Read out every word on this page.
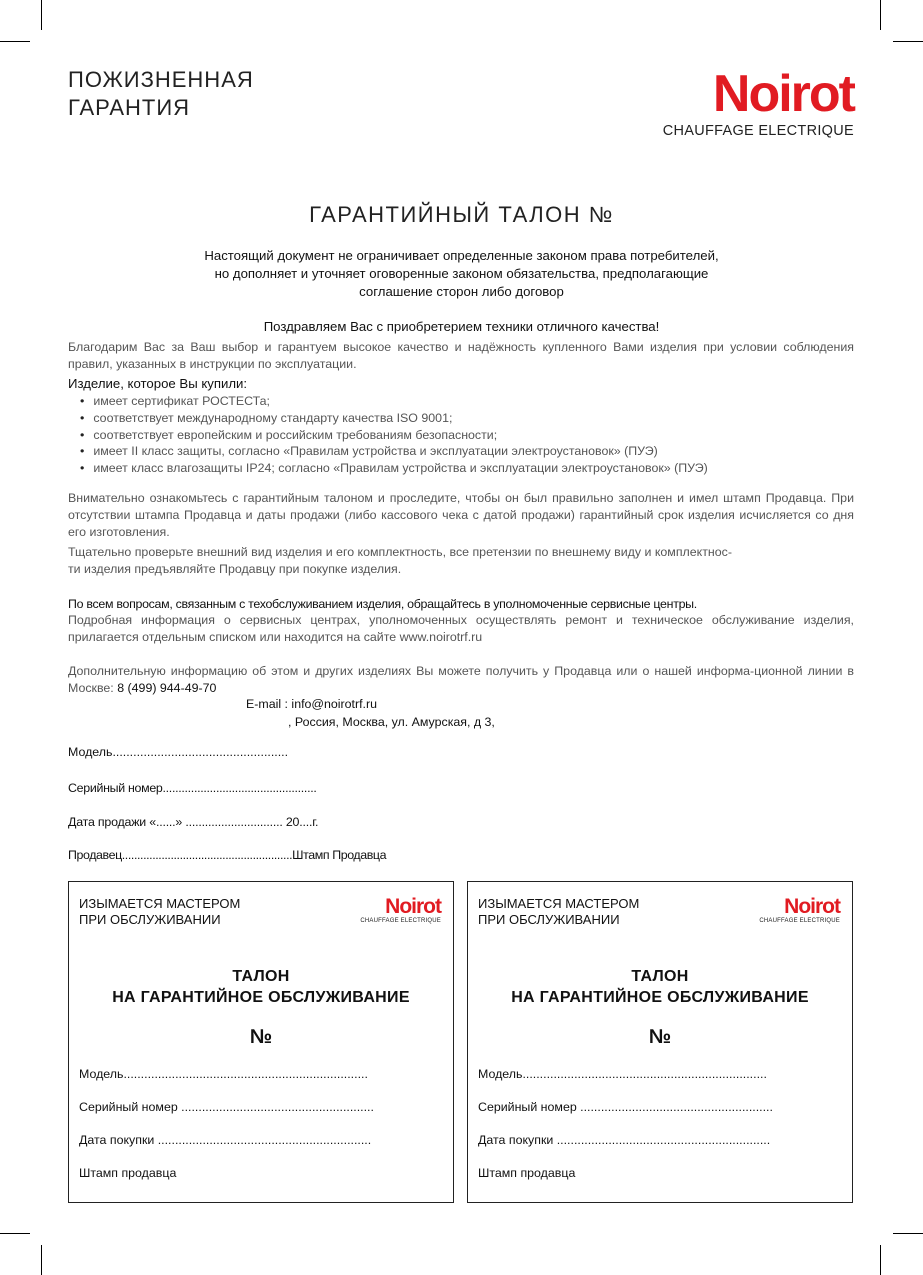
ПОЖИЗНЕННАЯ
ГАРАНТИЯ	Noirot
CHAUFFAGE ELECTRIQUE
ГАРАНТИЙНЫЙ ТАЛОН №
Настоящий документ не ограничивает определенные законом права потребителей,
но дополняет и уточняет оговоренные законом обязательства, предполагающие
соглашение сторон либо договор
Поздравляем Вас с приобретерием техники отличного качества!

Благодарим Вас за Ваш выбор и гарантуем высокое качество и надёжность купленного Вами изделия при условии соблюдения правил, указанных в инструкции по эксплуатации.

Изделие, которое Вы купили:
• имеет сертификат РОСТЕСТа;
• соответствует международному стандарту качества ISO 9001;
• соответствует европейским и российским требованиям безопасности;
• имеет II класс защиты, согласно «Правилам устройства и эксплуатации электроустановок» (ПУЭ)
• имеет класс влагозащиты IP24; согласно «Правилам устройства и эксплуатации электроустановок» (ПУЭ)

Внимательно ознакомьтесь с гарантийным талоном и проследите, чтобы он был правильно заполнен и имел штамп Продавца. При отсутствии штампа Продавца и даты продажи (либо кассового чека с датой продажи) гарантийный срок изделия исчисляется со дня его изготовления.

Тщательно проверьте внешний вид изделия и его комплектность, все претензии по внешнему виду и комплектнос-
ти изделия предъявляйте Продавцу при покупке изделия.
По всем вопросам, связанным с техобслуживанием изделия, обращайтесь в уполномоченные сервисные центры.

Подробная информация о сервисных центрах, уполномоченных осуществлять ремонт и техническое обслуживание изделия, прилагается отдельным списком или находится на сайте www.noirotrf.ru

Дополнительную информацию об этом и других изделиях Вы можете получить у Продавца или о нашей информа-ционной линии в Москве: 8 (499) 944-49-70

E-mail : info@noirotrf.ru
, Россия, Москва, ул. Амурская, д 3,
Модель...................................................
Серийный номер.................................................
Дата продажи «......» .............................. 20....г.
Продавец........................................................Штамп Продавца
ИЗЫМАЕТСЯ МАСТЕРОМ
ПРИ ОБСЛУЖИВАНИИ
Noirot
CHAUFFAGE ELECTRIQUE
ТАЛОН
НА ГАРАНТИЙНОЕ ОБСЛУЖИВАНИЕ
№
Модель.......................................................................
Серийный номер ........................................................
Дата покупки ..............................................................
Штамп продавца
ИЗЫМАЕТСЯ МАСТЕРОМ
ПРИ ОБСЛУЖИВАНИИ
Noirot
CHAUFFAGE ELECTRIQUE
ТАЛОН
НА ГАРАНТИЙНОЕ ОБСЛУЖИВАНИЕ
№
Модель.......................................................................
Серийный номер ........................................................
Дата покупки ..............................................................
Штамп продавца
